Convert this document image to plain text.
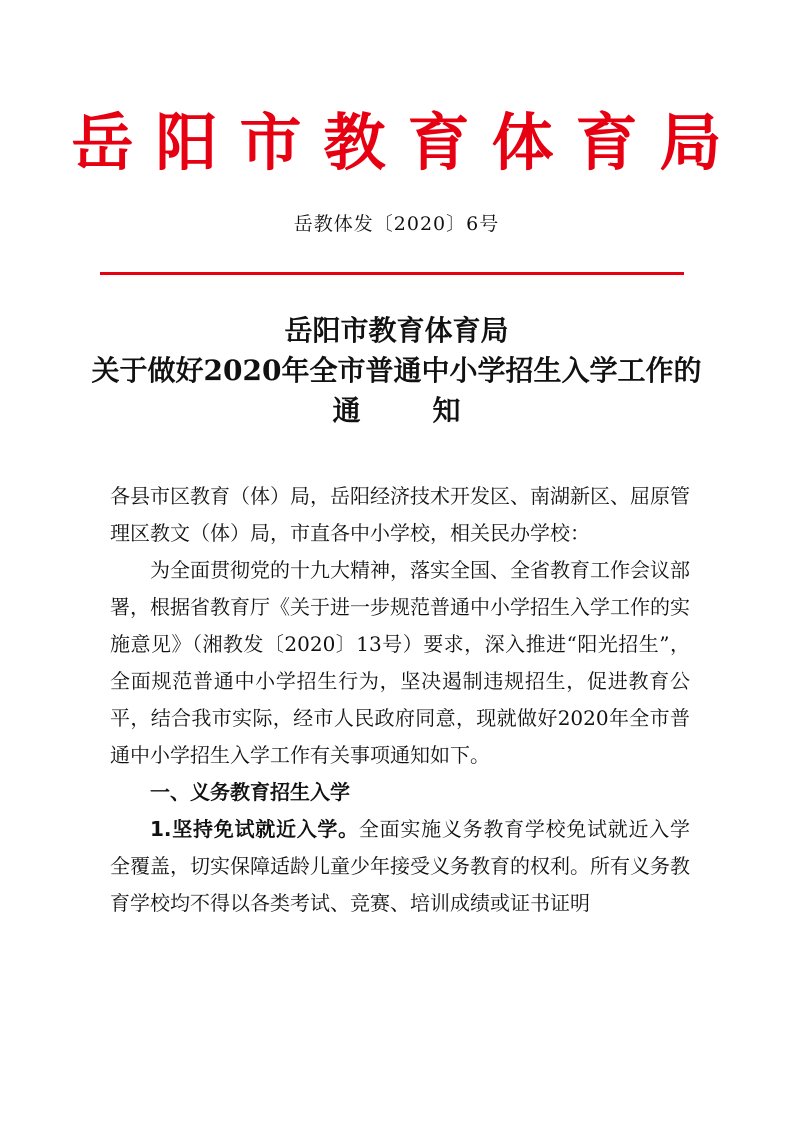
岳阳市教育体育局
岳教体发〔2020〕6号
岳阳市教育体育局
关于做好2020年全市普通中小学招生入学工作的
通知

各县市区教育（体）局，岳阳经济技术开发区、南湖新区、屈原管理区教文（体）局，市直各中小学校，相关民办学校：

为全面贯彻党的十九大精神，落实全国、全省教育工作会议部署，根据省教育厅《关于进一步规范普通中小学招生入学工作的实施意见》（湘教发〔2020〕13号）要求，深入推进“阳光招生”，全面规范普通中小学招生行为，坚决遏制违规招生，促进教育公平，结合我市实际，经市人民政府同意，现就做好2020年全市普通中小学招生入学工作有关事项通知如下。

一、义务教育招生入学

1.坚持免试就近入学。全面实施义务教育学校免试就近入学全覆盖，切实保障适龄儿童少年接受义务教育的权利。所有义务教育学校均不得以各类考试、竞赛、培训成绩或证书证明
